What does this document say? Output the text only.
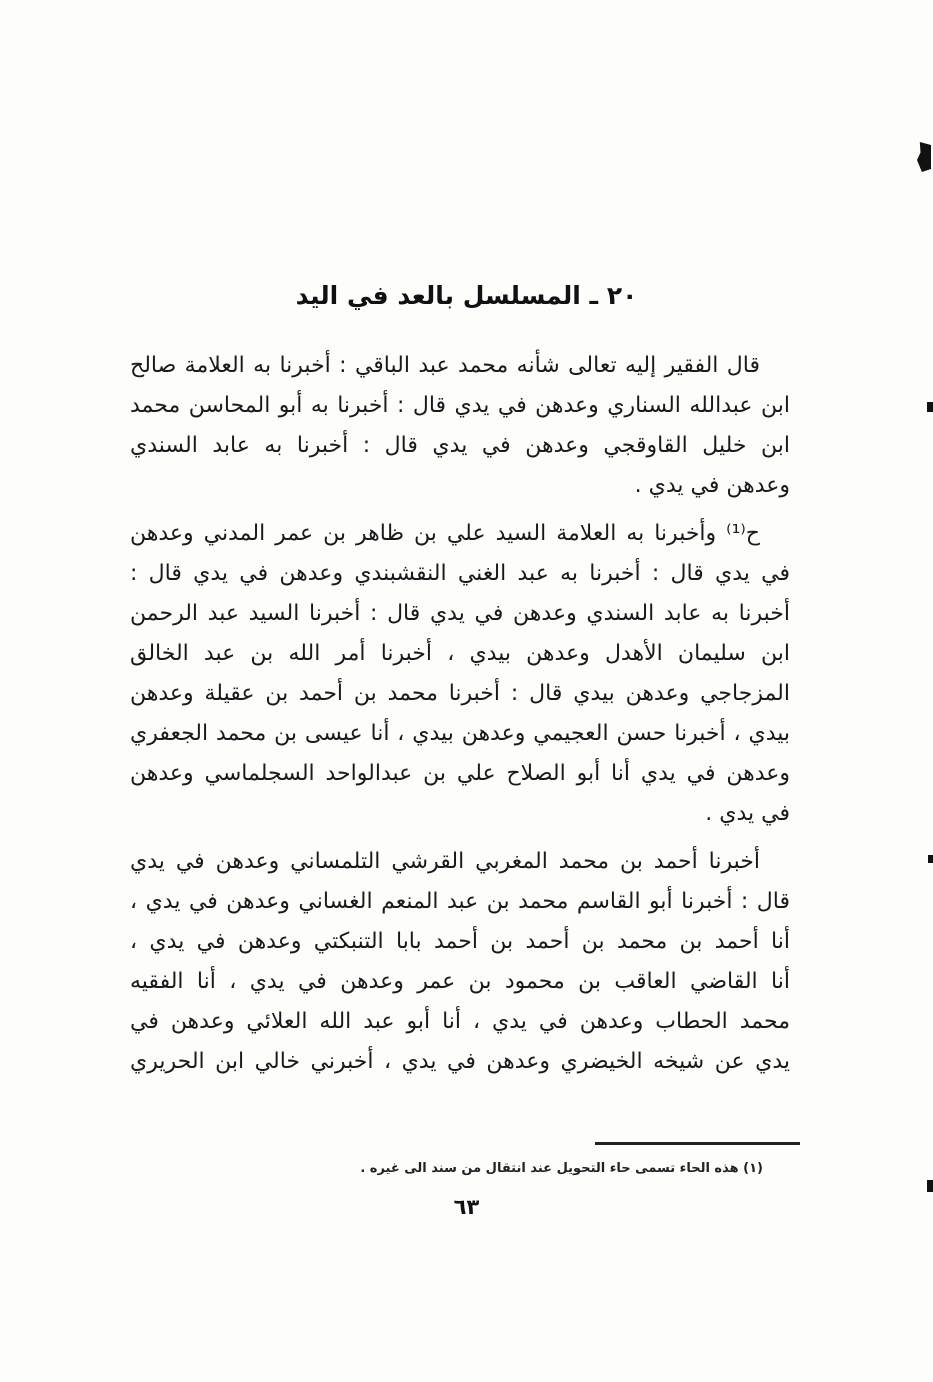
٢٠ ـ المسلسل بالعد في اليد
قال الفقير إليه تعالى شأنه محمد عبد الباقي : أخبرنا به العلامة صالح
ابن عبدالله السناري وعدهن في يدي قال : أخبرنا به أبو المحاسن محمد
ابن خليل القاوقجي وعدهن في يدي قال : أخبرنا به عابد السندي
وعدهن في يدي .
ح⁽¹⁾ وأخبرنا به العلامة السيد علي بن ظاهر بن عمر المدني وعدهن
في يدي قال : أخبرنا به عبد الغني النقشبندي وعدهن في يدي قال :
أخبرنا به عابد السندي وعدهن في يدي قال : أخبرنا السيد عبد الرحمن
ابن سليمان الأهدل وعدهن بيدي ، أخبرنا أمر الله بن عبد الخالق
المزجاجي وعدهن بيدي قال : أخبرنا محمد بن أحمد بن عقيلة وعدهن
بيدي ، أخبرنا حسن العجيمي وعدهن بيدي ، أنا عيسى بن محمد الجعفري
وعدهن في يدي أنا أبو الصلاح علي بن عبدالواحد السجلماسي وعدهن
في يدي .
أخبرنا أحمد بن محمد المغربي القرشي التلمساني وعدهن في يدي
قال : أخبرنا أبو القاسم محمد بن عبد المنعم الغساني وعدهن في يدي ،
أنا أحمد بن محمد بن أحمد بن أحمد بابا التنبكتي وعدهن في يدي ،
أنا القاضي العاقب بن محمود بن عمر وعدهن في يدي ، أنا الفقيه
محمد الحطاب وعدهن في يدي ، أنا أبو عبد الله العلائي وعدهن في
يدي عن شيخه الخيضري وعدهن في يدي ، أخبرني خالي ابن الحريري
(١) هذه الحاء تسمى حاء التحويل عند انتقال من سند الى غيره .
٦٣
